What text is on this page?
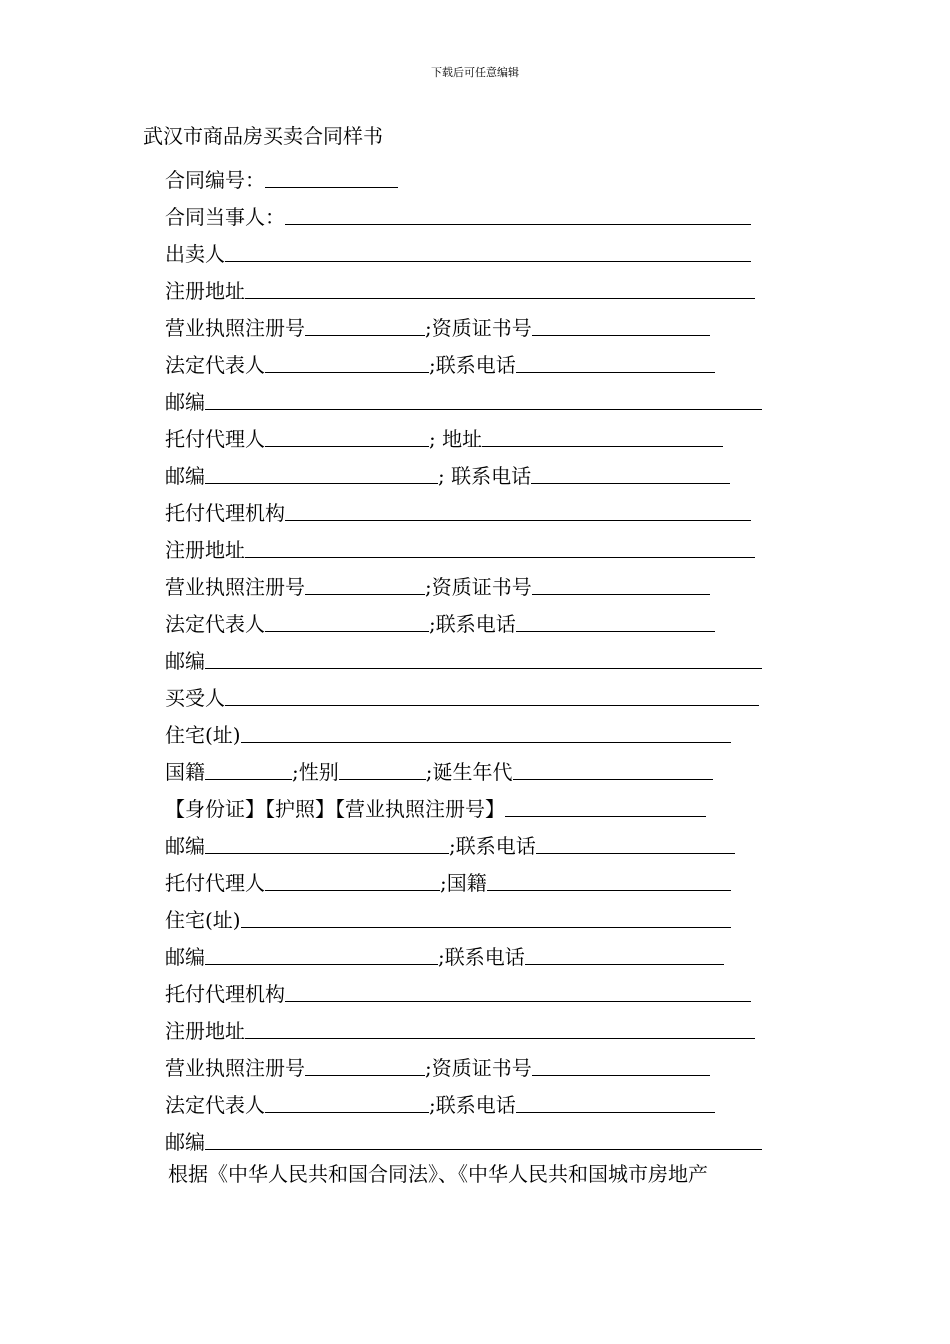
下载后可任意编辑
武汉市商品房买卖合同样书
合同编号：
合同当事人：
出卖人
注册地址
营业执照注册号	;资质证书号
法定代表人	;联系电话
邮编
托付代理人	; 地址
邮编	; 联系电话
托付代理机构
注册地址
营业执照注册号	;资质证书号
法定代表人	;联系电话
邮编
买受人
住宅(址)
国籍	;性别	;诞生年代
【身份证】【护照】【营业执照注册号】
邮编	;联系电话
托付代理人	;国籍
住宅(址)
邮编	;联系电话
托付代理机构
注册地址
营业执照注册号	;资质证书号
法定代表人	;联系电话
邮编
根据《中华人民共和国合同法》、《中华人民共和国城市房地产
